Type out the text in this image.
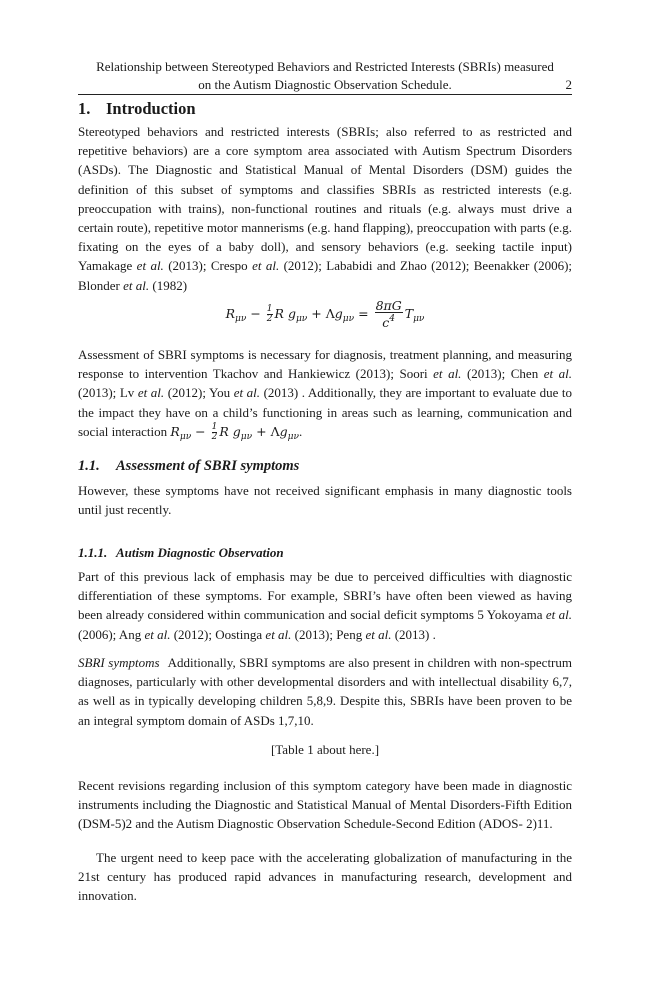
Relationship between Stereotyped Behaviors and Restricted Interests (SBRIs) measured
on the Autism Diagnostic Observation Schedule.	2
1. Introduction

Stereotyped behaviors and restricted interests (SBRIs; also referred to as restricted and repetitive behaviors) are a core symptom area associated with Autism Spectrum Disorders (ASDs). The Diagnostic and Statistical Manual of Mental Disorders (DSM) guides the definition of this subset of symptoms and classifies SBRIs as restricted interests (e.g. preoccupation with trains), non-functional routines and rituals (e.g. always must drive a certain route), repetitive motor mannerisms (e.g. hand flapping), preoccupation with parts (e.g. fixating on the eyes of a baby doll), and sensory behaviors (e.g. seeking tactile input) Yamakage et al. (2013); Crespo et al. (2012); Lababidi and Zhao (2012); Beenakker (2006); Blonder et al. (1982)

$R_{\mu\nu} - \frac{1}{2}$ R $g_{\mu\nu} + \Lambda g_{\mu\nu} = \frac{8\pi G}{c^4} T_{\mu\nu}$

Assessment of SBRI symptoms is necessary for diagnosis, treatment planning, and measuring response to intervention Tkachov and Hankiewicz (2013); Soori et al. (2013); Chen et al. (2013); Lv et al. (2012); You et al. (2013) . Additionally, they are important to evaluate due to the impact they have on a child’s functioning in areas such as learning, communication and social interaction $R_{\mu\nu} - \frac{1}{2}$ R $g_{\mu\nu} + \Lambda g_{\mu\nu}$.

1.1. Assessment of SBRI symptoms

However, these symptoms have not received significant emphasis in many diagnostic tools until just recently.

1.1.1. Autism Diagnostic Observation

Part of this previous lack of emphasis may be due to perceived difficulties with diagnostic differentiation of these symptoms. For example, SBRI’s have often been viewed as having been already considered within communication and social deficit symptoms 5 Yokoyama et al. (2006); Ang et al. (2012); Oostinga et al. (2013); Peng et al. (2013) .

SBRI symptoms Additionally, SBRI symptoms are also present in children with non-spectrum diagnoses, particularly with other developmental disorders and with intellectual disability 6,7, as well as in typically developing children 5,8,9. Despite this, SBRIs have been proven to be an integral symptom domain of ASDs 1,7,10.

[Table 1 about here.]

Recent revisions regarding inclusion of this symptom category have been made in diagnostic instruments including the Diagnostic and Statistical Manual of Mental Disorders-Fifth Edition (DSM-5)2 and the Autism Diagnostic Observation Schedule-Second Edition (ADOS- 2)11.

The urgent need to keep pace with the accelerating globalization of manufacturing in the 21st century has produced rapid advances in manufacturing research, development and innovation.
